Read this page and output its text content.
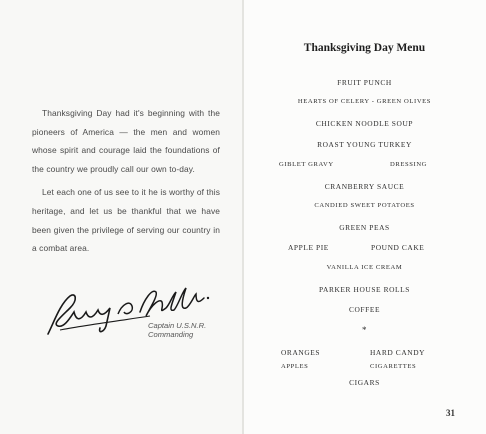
Thanksgiving Day had it's beginning with the pioneers of America — the men and women whose spirit and courage laid the foundations of the country we proudly call our own to-day.

Let each one of us see to it he is worthy of this heritage, and let us be thankful that we have been given the privilege of serving our country in a combat area.

Captain U.S.N.R.
Commanding
Thanksgiving Day Menu
FRUIT PUNCH
HEARTS OF CELERY - GREEN OLIVES
CHICKEN NOODLE SOUP
ROAST YOUNG TURKEY
GIBLET GRAVY	DRESSING
CRANBERRY SAUCE
CANDIED SWEET POTATOES
GREEN PEAS
APPLE PIE	POUND CAKE
VANILLA ICE CREAM
PARKER HOUSE ROLLS
COFFEE
*
ORANGES	HARD CANDY
APPLES	CIGARETTES
CIGARS
31
